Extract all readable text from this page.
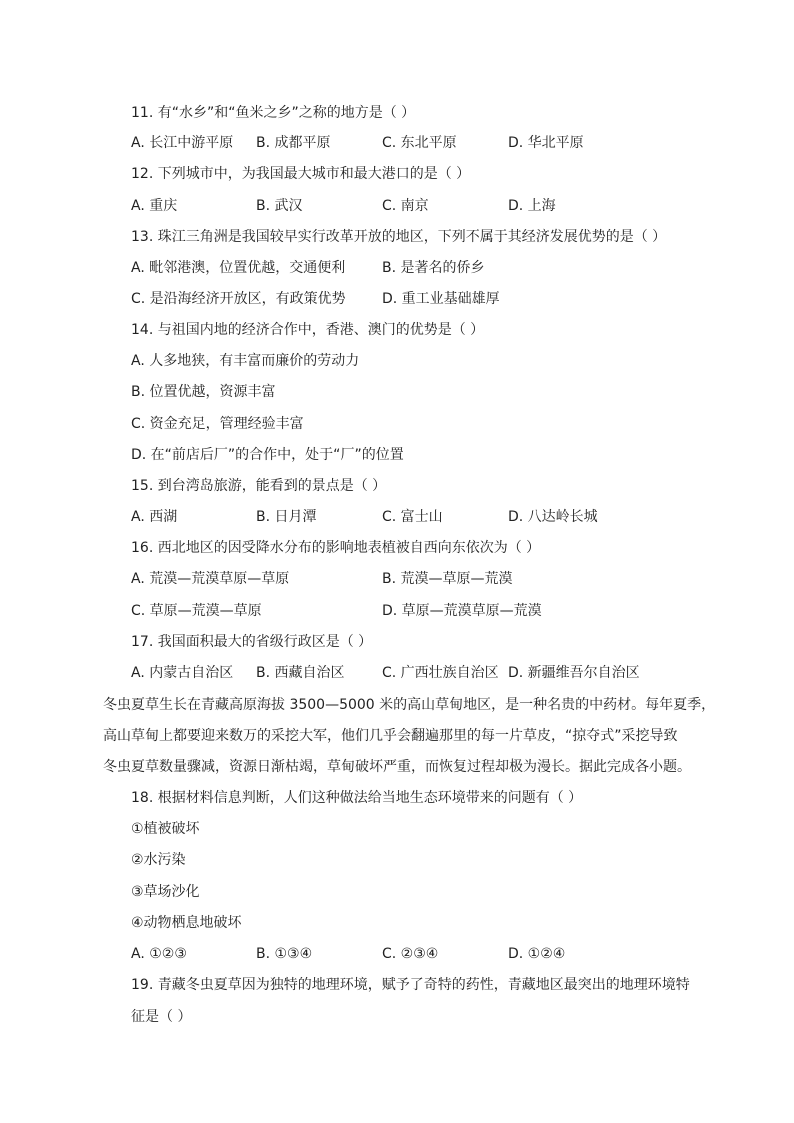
11. 有“水乡”和“鱼米之乡”之称的地方是（ ）
A. 长江中游平原 B. 成都平原	C. 东北平原	D. 华北平原
12. 下列城市中，为我国最大城市和最大港口的是（ ）
A. 重庆	B. 武汉	C. 南京	D. 上海
13. 珠江三角洲是我国较早实行改革开放的地区，下列不属于其经济发展优势的是（ ）
A. 毗邻港澳，位置优越，交通便利	B. 是著名的侨乡
C. 是沿海经济开放区，有政策优势	D. 重工业基础雄厚
14. 与祖国内地的经济合作中，香港、澳门的优势是（ ）
A. 人多地狭，有丰富而廉价的劳动力
B. 位置优越，资源丰富
C. 资金充足，管理经验丰富
D. 在“前店后厂”的合作中，处于“厂”的位置
15. 到台湾岛旅游，能看到的景点是（ ）
A. 西湖	B. 日月潭	C. 富士山	D. 八达岭长城
16. 西北地区的因受降水分布的影响地表植被自西向东依次为（ ）
A. 荒漠—荒漠草原—草原	B. 荒漠—草原—荒漠
C. 草原—荒漠—草原	D. 草原—荒漠草原—荒漠
17. 我国面积最大的省级行政区是（ ）
A. 内蒙古自治区 B. 西藏自治区	C. 广西壮族自治区 D. 新疆维吾尔自治区
冬虫夏草生长在青藏高原海拔 3500—5000 米的高山草甸地区，是一种名贵的中药材。每年夏季，
高山草甸上都要迎来数万的采挖大军，他们几乎会翻遍那里的每一片草皮，“掠夺式”采挖导致
冬虫夏草数量骤减，资源日渐枯竭，草甸破坏严重，而恢复过程却极为漫长。据此完成各小题。
18. 根据材料信息判断，人们这种做法给当地生态环境带来的问题有（ ）
①植被破坏
②水污染
③草场沙化
④动物栖息地破坏
A. ①②③	B. ①③④	C. ②③④	D. ①②④
19. 青藏冬虫夏草因为独特的地理环境，赋予了奇特的药性，青藏地区最突出的地理环境特
征是（ ）
